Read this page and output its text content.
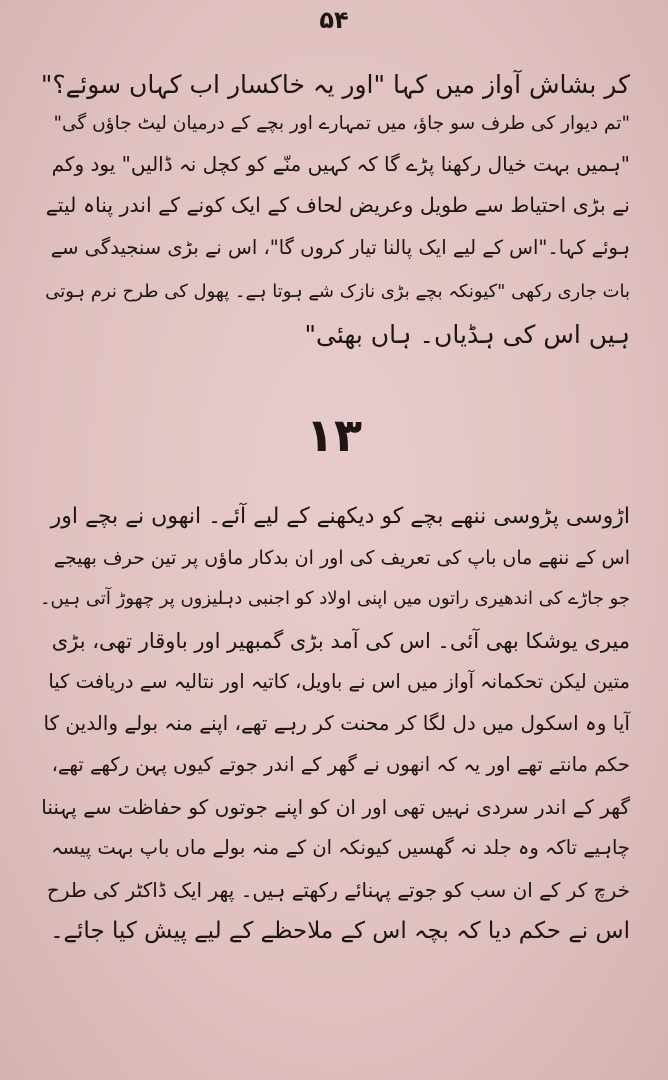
۵۴
کر بشاش آواز میں کہا "اور یہ خاکسار اب کہاں سوئے؟"
"تم دیوار کی طرف سو جاؤ، میں تمہارے اور بچے کے درمیان لیٹ جاؤں گی"
"ہمیں بہت خیال رکھنا پڑے گا کہ کہیں منّے کو کچل نہ ڈالیں" یود وکم
نے بڑی احتیاط سے طویل وعریض لحاف کے ایک کونے کے اندر پناہ لیتے
ہوئے کہا۔"اس کے لیے ایک پالنا تیار کروں گا"، اس نے بڑی سنجیدگی سے
بات جاری رکھی "کیونکہ بچے بڑی نازک شے ہوتا ہے۔ پھول کی طرح نرم ہوتی
ہیں اس کی ہڈیاں۔ ہاں بھئی"
۱۳
اڑوسی پڑوسی ننھے بچے کو دیکھنے کے لیے آئے۔ انھوں نے بچے اور
اس کے ننھے ماں باپ کی تعریف کی اور ان بدکار ماؤں پر تین حرف بھیجے
جو جاڑے کی اندھیری راتوں میں اپنی اولاد کو اجنبی دہلیزوں پر چھوڑ آتی ہیں۔
میری یوشکا بھی آئی۔ اس کی آمد بڑی گمبھیر اور باوقار تھی، بڑی
متین لیکن تحکمانہ آواز میں اس نے باویل، کاتیہ اور نتالیہ سے دریافت کیا
آیا وہ اسکول میں دل لگا کر محنت کر رہے تھے، اپنے منہ بولے والدین کا
حکم مانتے تھے اور یہ کہ انھوں نے گھر کے اندر جوتے کیوں پہن رکھے تھے،
گھر کے اندر سردی نہیں تھی اور ان کو اپنے جوتوں کو حفاظت سے پہننا
چاہیے تاکہ وہ جلد نہ گھسیں کیونکہ ان کے منہ بولے ماں باپ بہت پیسہ
خرچ کر کے ان سب کو جوتے پہنائے رکھتے ہیں۔ پھر ایک ڈاکٹر کی طرح
اس نے حکم دیا کہ بچہ اس کے ملاحظے کے لیے پیش کیا جائے۔
